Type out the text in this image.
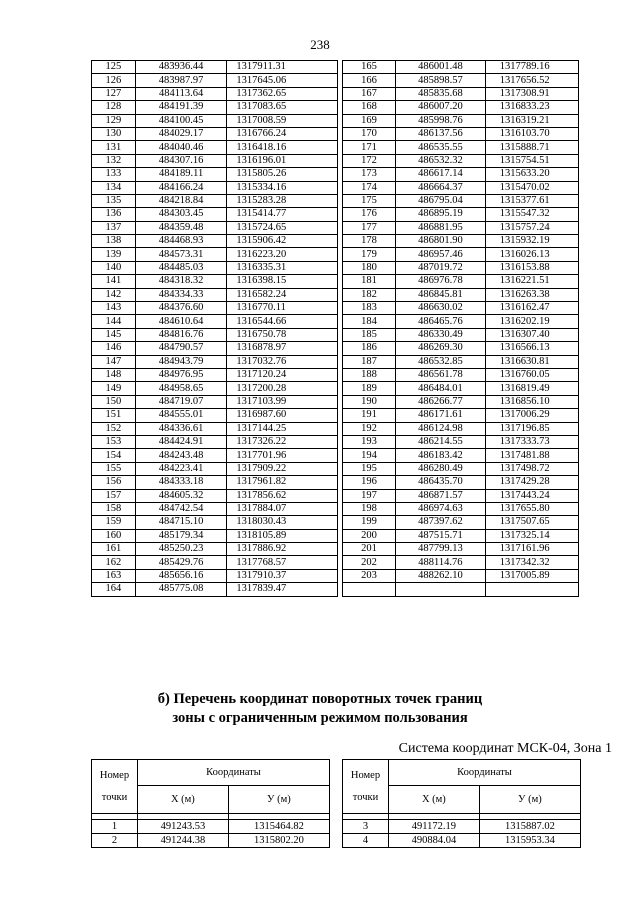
238
125	483936.44	1317911.31
126	483987.97	1317645.06
127	484113.64	1317362.65
128	484191.39	1317083.65
129	484100.45	1317008.59
130	484029.17	1316766.24
131	484040.46	1316418.16
132	484307.16	1316196.01
133	484189.11	1315805.26
134	484166.24	1315334.16
135	484218.84	1315283.28
136	484303.45	1315414.77
137	484359.48	1315724.65
138	484468.93	1315906.42
139	484573.31	1316223.20
140	484485.03	1316335.31
141	484318.32	1316398.15
142	484334.33	1316582.24
143	484376.60	1316770.11
144	484610.64	1316544.66
145	484816.76	1316750.78
146	484790.57	1316878.97
147	484943.79	1317032.76
148	484976.95	1317120.24
149	484958.65	1317200.28
150	484719.07	1317103.99
151	484555.01	1316987.60
152	484336.61	1317144.25
153	484424.91	1317326.22
154	484243.48	1317701.96
155	484223.41	1317909.22
156	484333.18	1317961.82
157	484605.32	1317856.62
158	484742.54	1317884.07
159	484715.10	1318030.43
160	485179.34	1318105.89
161	485250.23	1317886.92
162	485429.76	1317768.57
163	485656.16	1317910.37
164	485775.08	1317839.47
165	486001.48	1317789.16
166	485898.57	1317656.52
167	485835.68	1317308.91
168	486007.20	1316833.23
169	485998.76	1316319.21
170	486137.56	1316103.70
171	486535.55	1315888.71
172	486532.32	1315754.51
173	486617.14	1315633.20
174	486664.37	1315470.02
175	486795.04	1315377.61
176	486895.19	1315547.32
177	486881.95	1315757.24
178	486801.90	1315932.19
179	486957.46	1316026.13
180	487019.72	1316153.88
181	486976.78	1316221.51
182	486845.81	1316263.38
183	486630.02	1316162.47
184	486465.76	1316202.19
185	486330.49	1316307.40
186	486269.30	1316566.13
187	486532.85	1316630.81
188	486561.78	1316760.05
189	486484.01	1316819.49
190	486266.77	1316856.10
191	486171.61	1317006.29
192	486124.98	1317196.85
193	486214.55	1317333.73
194	486183.42	1317481.88
195	486280.49	1317498.72
196	486435.70	1317429.28
197	486871.57	1317443.24
198	486974.63	1317655.80
199	487397.62	1317507.65
200	487515.71	1317325.14
201	487799.13	1317161.96
202	488114.76	1317342.32
203	488262.10	1317005.89

б) Перечень координат поворотных точек границ
зоны с ограниченным режимом пользования
Система координат МСК-04, Зона 1
Номер

точки	Координаты	
	Х (м)	У (м)

1	491243.53	1315464.82
2	491244.38	1315802.20
Номер

точки	Координаты	
	Х (м)	У (м)

3	491172.19	1315887.02
4	490884.04	1315953.34
